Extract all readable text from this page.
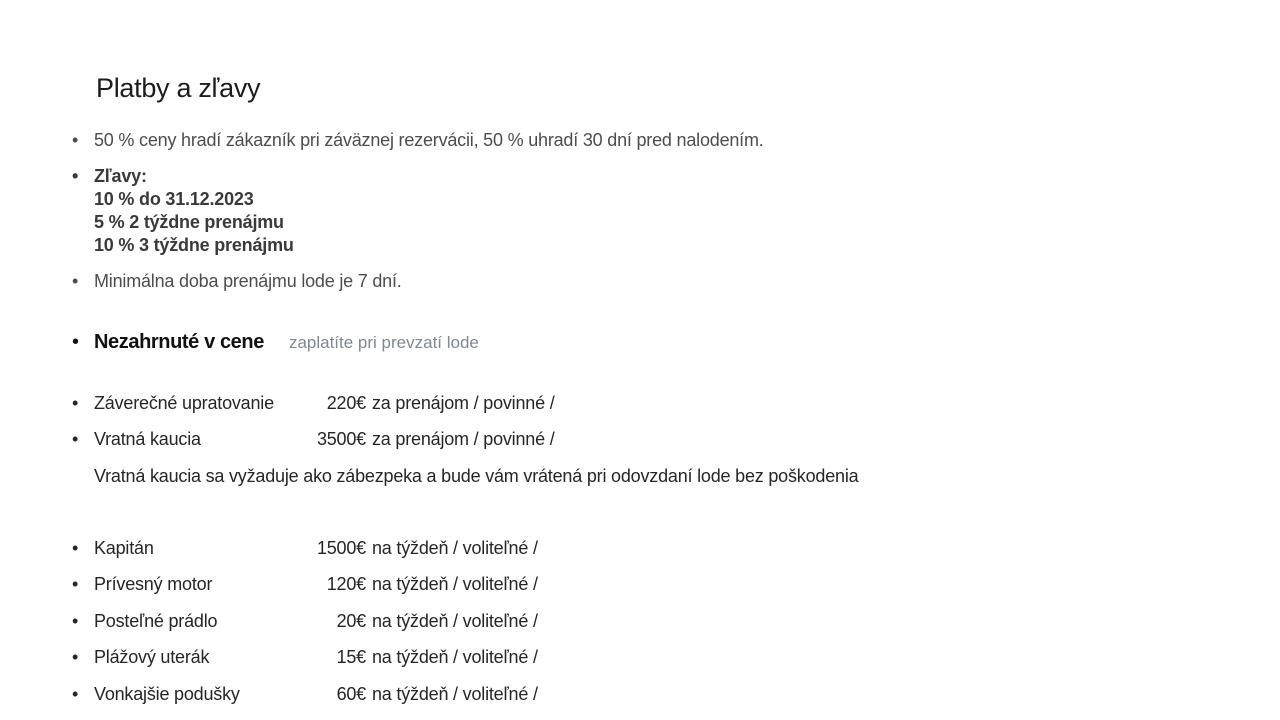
Platby a zľavy
• 50 % ceny hradí zákazník pri záväznej rezervácii, 50 % uhradí 30 dní pred nalodením.
• Zľavy:
10 % do 31.12.2023
5 % 2 týždne prenájmu
10 % 3 týždne prenájmu
• Minimálna doba prenájmu lode je 7 dní.
• Nezahrnuté v cene zaplatíte pri prevzatí lode
• Záverečné upratovanie	220€ za prenájom / povinné /
• Vratná kaucia	3500€ za prenájom / povinné /
Vratná kaucia sa vyžaduje ako zábezpeka a bude vám vrátená pri odovzdaní lode bez poškodenia
• Kapitán	1500€ na týždeň / voliteľné /
• Prívesný motor	120€ na týždeň / voliteľné /
• Posteľné prádlo	20€ na týždeň / voliteľné /
• Plážový uterák	15€ na týždeň / voliteľné /
• Vonkajšie podušky	60€ na týždeň / voliteľné /
